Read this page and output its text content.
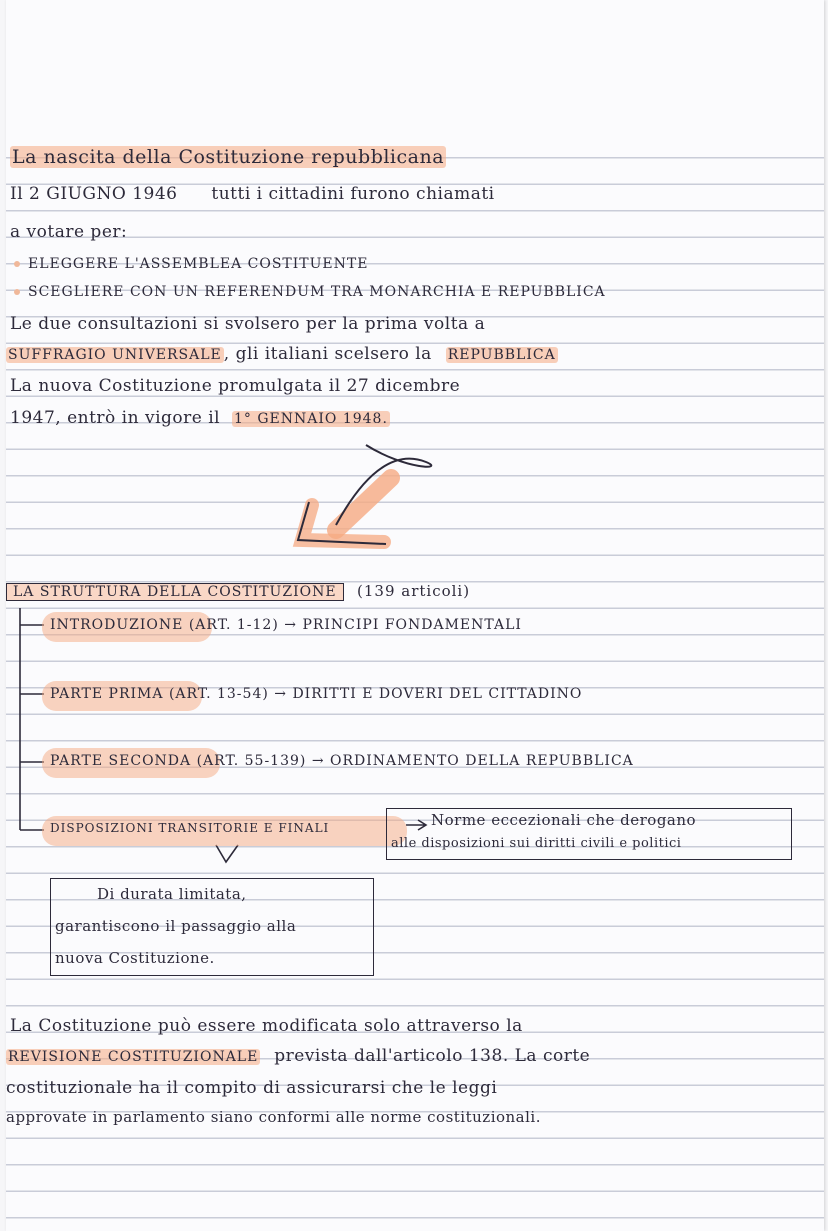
La nascita della Costituzione repubblicana
Il 2 GIUGNO 1946 tutti i cittadini furono chiamati
a votare per:
ELEGGERE L'ASSEMBLEA COSTITUENTE
SCEGLIERE CON UN REFERENDUM TRA MONARCHIA E REPUBBLICA
Le due consultazioni si svolsero per la prima volta a
SUFFRAGIO UNIVERSALE , gli italiani scelsero la REPUBBLICA
La nuova Costituzione promulgata il 27 dicembre
1947, entrò in vigore il 1° GENNAIO 1948.
LA STRUTTURA DELLA COSTITUZIONE (139 articoli)
INTRODUZIONE (ART. 1-12) → PRINCIPI FONDAMENTALI
PARTE PRIMA (ART. 13-54) → DIRITTI E DOVERI DEL CITTADINO
PARTE SECONDA (ART. 55-139) → ORDINAMENTO DELLA REPUBBLICA
DISPOSIZIONI TRANSITORIE E FINALI	Norme eccezionali che derogano
alle disposizioni sui diritti civili e politici
Di durata limitata,
garantiscono il passaggio alla
nuova Costituzione.
La Costituzione può essere modificata solo attraverso la
REVISIONE COSTITUZIONALE prevista dall'articolo 138. La corte
costituzionale ha il compito di assicurarsi che le leggi
approvate in parlamento siano conformi alle norme costituzionali.
